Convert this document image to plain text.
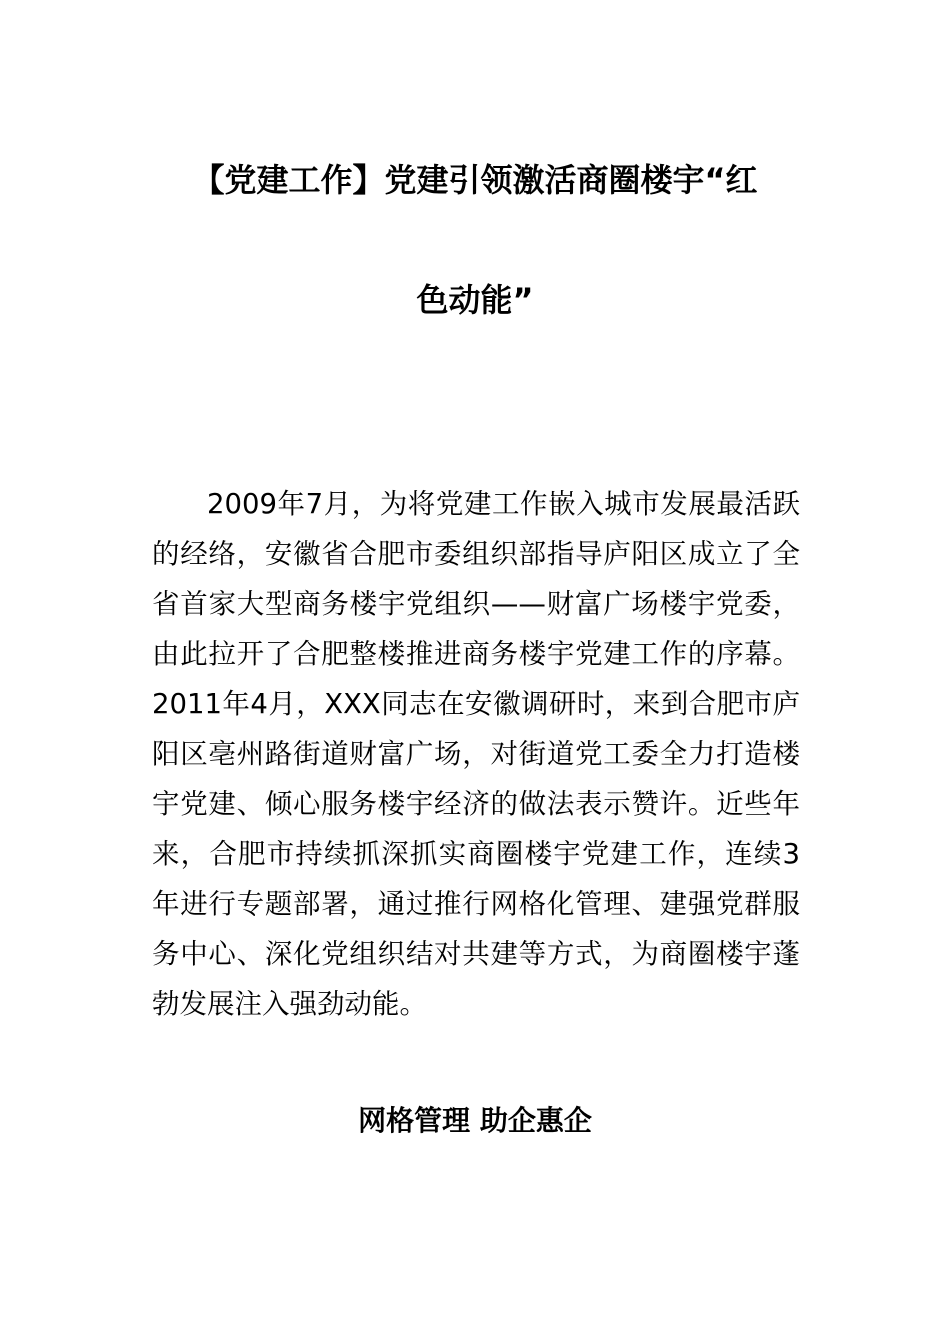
【党建工作】党建引领激活商圈楼宇“红
色动能”

2009年7月，为将党建工作嵌入城市发展最活跃的经络，安徽省合肥市委组织部指导庐阳区成立了全省首家大型商务楼宇党组织——财富广场楼宇党委，由此拉开了合肥整楼推进商务楼宇党建工作的序幕。2011年4月，XXX同志在安徽调研时，来到合肥市庐阳区亳州路街道财富广场，对街道党工委全力打造楼宇党建、倾心服务楼宇经济的做法表示赞许。近些年来，合肥市持续抓深抓实商圈楼宇党建工作，连续3年进行专题部署，通过推行网格化管理、建强党群服务中心、深化党组织结对共建等方式，为商圈楼宇蓬勃发展注入强劲动能。

网格管理 助企惠企
